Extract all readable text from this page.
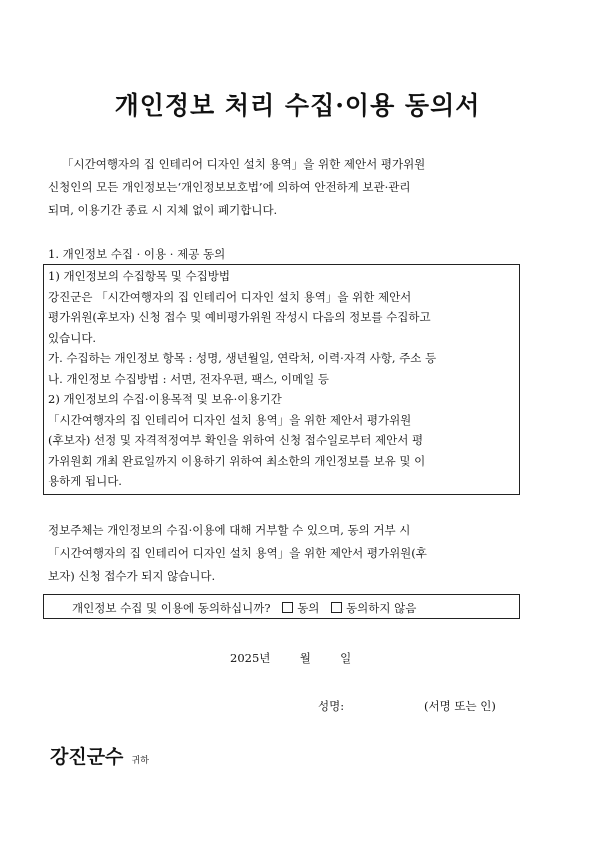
개인정보 처리 수집·이용 동의서
「시간여행자의 집 인테리어 디자인 설치 용역」을 위한 제안서 평가위원
신청인의 모든 개인정보는‘개인정보보호법’에 의하여 안전하게 보관·관리
되며, 이용기간 종료 시 지체 없이 폐기합니다.
1. 개인정보 수집 · 이용 · 제공 동의
1) 개인정보의 수집항목 및 수집방법
강진군은 「시간여행자의 집 인테리어 디자인 설치 용역」을 위한 제안서
평가위원(후보자) 신청 접수 및 예비평가위원 작성시 다음의 정보를 수집하고
있습니다.
가. 수집하는 개인정보 항목 : 성명, 생년월일, 연락처, 이력·자격 사항, 주소 등
나. 개인정보 수집방법 : 서면, 전자우편, 팩스, 이메일 등
2) 개인정보의 수집·이용목적 및 보유·이용기간
「시간여행자의 집 인테리어 디자인 설치 용역」을 위한 제안서 평가위원
(후보자) 선정 및 자격적정여부 확인을 위하여 신청 접수일로부터 제안서 평
가위원회 개최 완료일까지 이용하기 위하여 최소한의 개인정보를 보유 및 이
용하게 됩니다.
정보주체는 개인정보의 수집·이용에 대해 거부할 수 있으며, 동의 거부 시
「시간여행자의 집 인테리어 디자인 설치 용역」을 위한 제안서 평가위원(후
보자) 신청 접수가 되지 않습니다.
개인정보 수집 및 이용에 동의하십니까? 동의 동의하지 않음
2025년	월	일
성명:	(서명 또는 인)
강진군수 귀하
